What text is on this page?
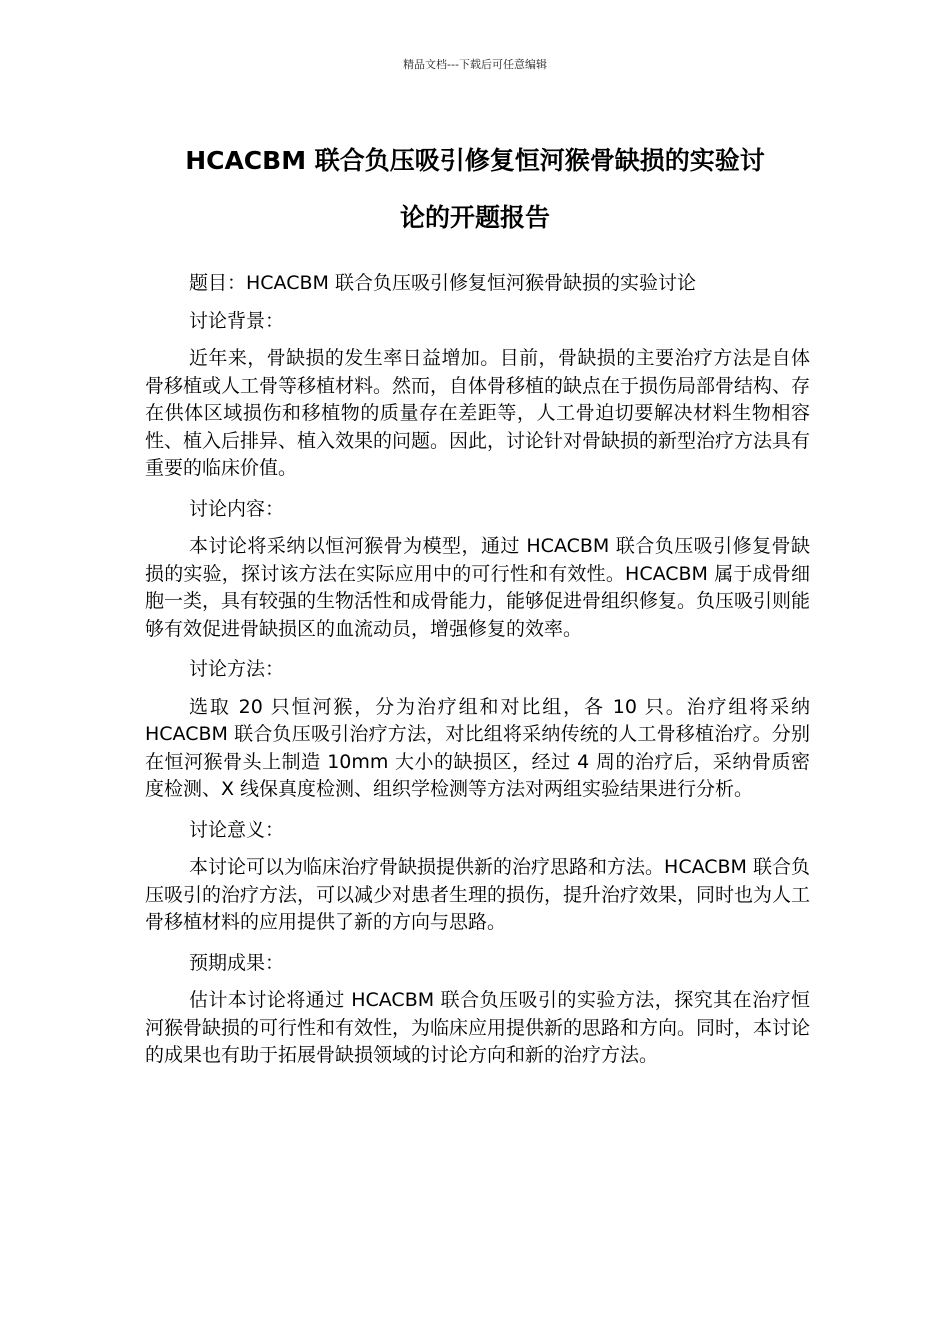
精品文档---下载后可任意编辑
HCACBM 联合负压吸引修复恒河猴骨缺损的实验讨
论的开题报告

题目：HCACBM 联合负压吸引修复恒河猴骨缺损的实验讨论

讨论背景：

近年来，骨缺损的发生率日益增加。目前，骨缺损的主要治疗方法是自体骨移植或人工骨等移植材料。然而，自体骨移植的缺点在于损伤局部骨结构、存在供体区域损伤和移植物的质量存在差距等，人工骨迫切要解决材料生物相容性、植入后排异、植入效果的问题。因此，讨论针对骨缺损的新型治疗方法具有重要的临床价值。

讨论内容：

本讨论将采纳以恒河猴骨为模型，通过 HCACBM 联合负压吸引修复骨缺损的实验，探讨该方法在实际应用中的可行性和有效性。HCACBM 属于成骨细胞一类，具有较强的生物活性和成骨能力，能够促进骨组织修复。负压吸引则能够有效促进骨缺损区的血流动员，增强修复的效率。

讨论方法：

选取 20 只恒河猴，分为治疗组和对比组，各 10 只。治疗组将采纳 HCACBM 联合负压吸引治疗方法，对比组将采纳传统的人工骨移植治疗。分别在恒河猴骨头上制造 10mm 大小的缺损区，经过 4 周的治疗后，采纳骨质密度检测、X 线保真度检测、组织学检测等方法对两组实验结果进行分析。

讨论意义：

本讨论可以为临床治疗骨缺损提供新的治疗思路和方法。HCACBM 联合负压吸引的治疗方法，可以减少对患者生理的损伤，提升治疗效果，同时也为人工骨移植材料的应用提供了新的方向与思路。

预期成果：

估计本讨论将通过 HCACBM 联合负压吸引的实验方法，探究其在治疗恒河猴骨缺损的可行性和有效性，为临床应用提供新的思路和方向。同时，本讨论的成果也有助于拓展骨缺损领域的讨论方向和新的治疗方法。
